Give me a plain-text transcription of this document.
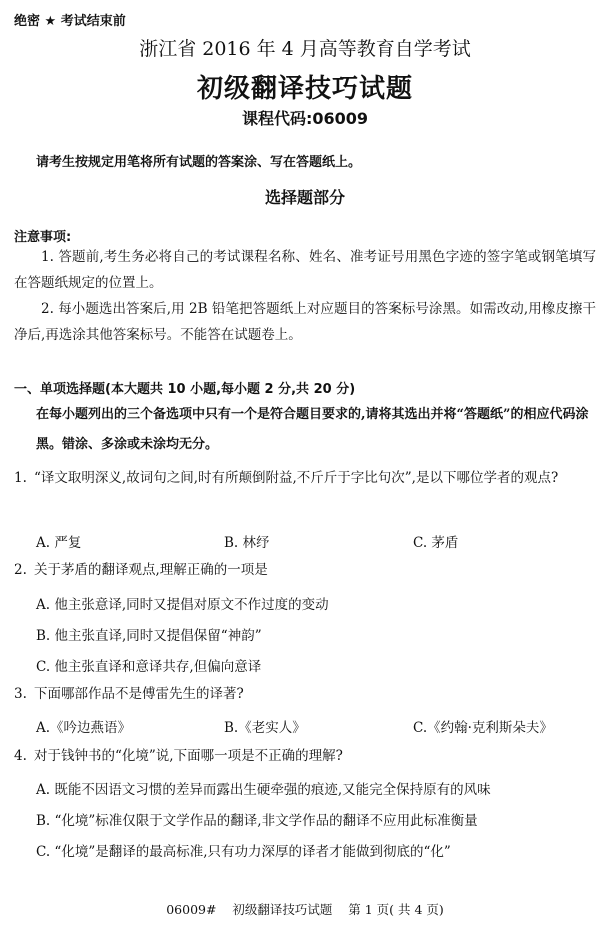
绝密 ★ 考试结束前
浙江省 2016 年 4 月高等教育自学考试
初级翻译技巧试题
课程代码:06009
请考生按规定用笔将所有试题的答案涂、写在答题纸上。
选择题部分
注意事项:
1. 答题前,考生务必将自己的考试课程名称、姓名、准考证号用黑色字迹的签字笔或钢笔填写在答题纸规定的位置上。
2. 每小题选出答案后,用 2B 铅笔把答题纸上对应题目的答案标号涂黑。如需改动,用橡皮擦干净后,再选涂其他答案标号。不能答在试题卷上。
一、单项选择题(本大题共 10 小题,每小题 2 分,共 20 分)
在每小题列出的三个备选项中只有一个是符合题目要求的,请将其选出并将“答题纸”的相应代码涂黑。错涂、多涂或未涂均无分。
1. “译文取明深义,故词句之间,时有所颠倒附益,不斤斤于字比句次”,是以下哪位学者的观点?
A. 严复	B. 林纾	C. 茅盾
2. 关于茅盾的翻译观点,理解正确的一项是
A. 他主张意译,同时又提倡对原文不作过度的变动
B. 他主张直译,同时又提倡保留“神韵”
C. 他主张直译和意译共存,但偏向意译
3. 下面哪部作品不是傅雷先生的译著?
A.《吟边燕语》	B.《老实人》	C.《约翰·克利斯朵夫》
4. 对于钱钟书的“化境”说,下面哪一项是不正确的理解?
A. 既能不因语文习惯的差异而露出生硬牵强的痕迹,又能完全保持原有的风味
B. “化境”标准仅限于文学作品的翻译,非文学作品的翻译不应用此标准衡量
C. “化境”是翻译的最高标准,只有功力深厚的译者才能做到彻底的“化”
06009#    初级翻译技巧试题    第 1 页( 共 4 页)
